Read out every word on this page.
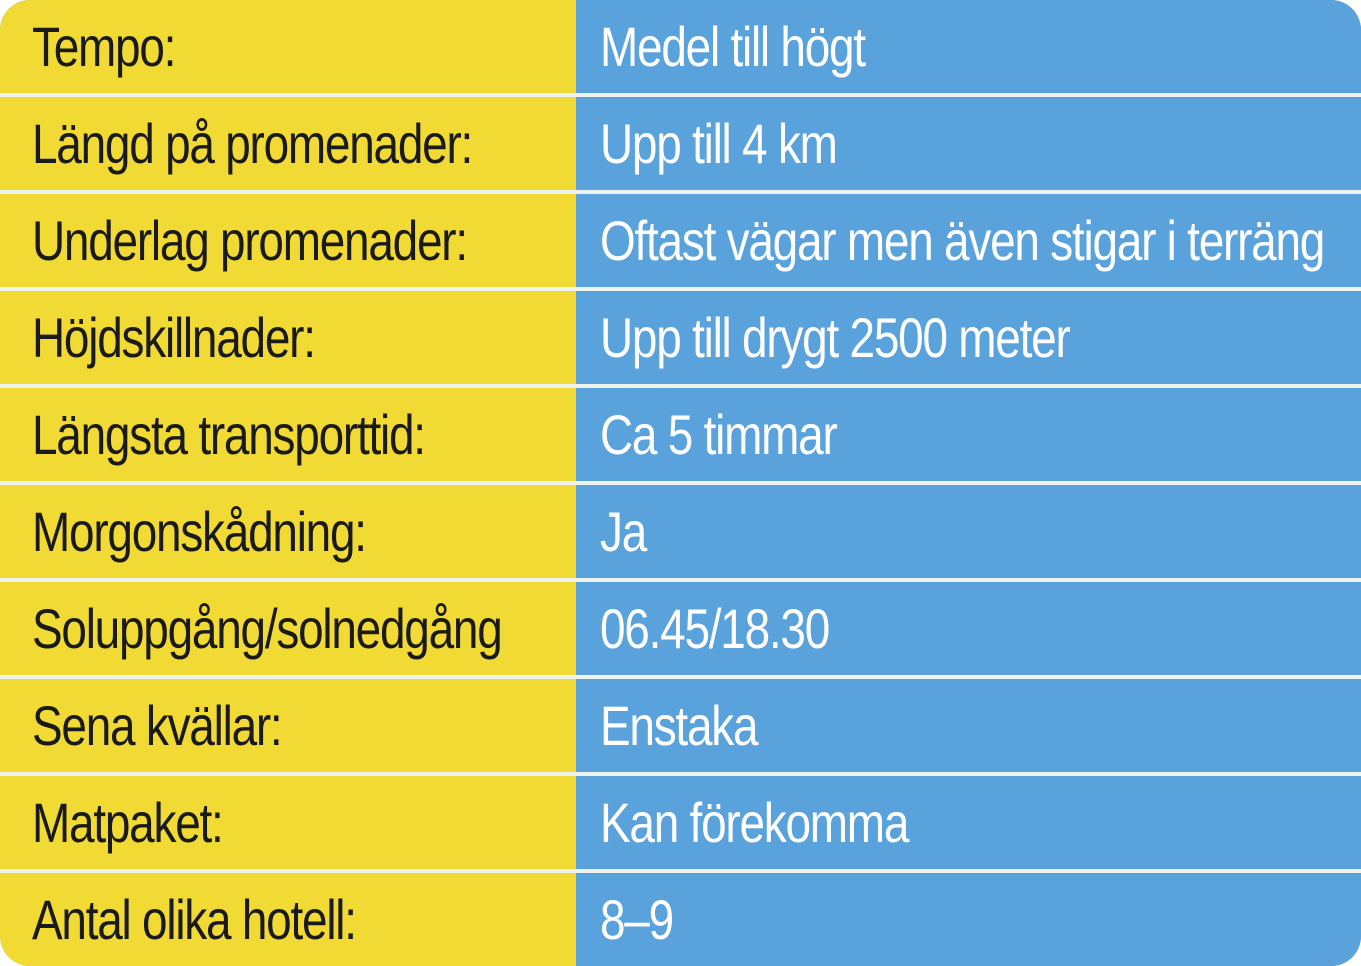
Tempo:	Medel till högt
Längd på promenader: Upp till 4 km
Underlag promenader: Oftast vägar men även stigar i terräng
Höjdskillnader:	Upp till drygt 2500 meter
Längsta transporttid:	Ca 5 timmar
Morgonskådning:	Ja
Soluppgång/solnedgång 06.45/18.30
Sena kvällar:	Enstaka
Matpaket:	Kan förekomma
Antal olika hotell:	8–9
